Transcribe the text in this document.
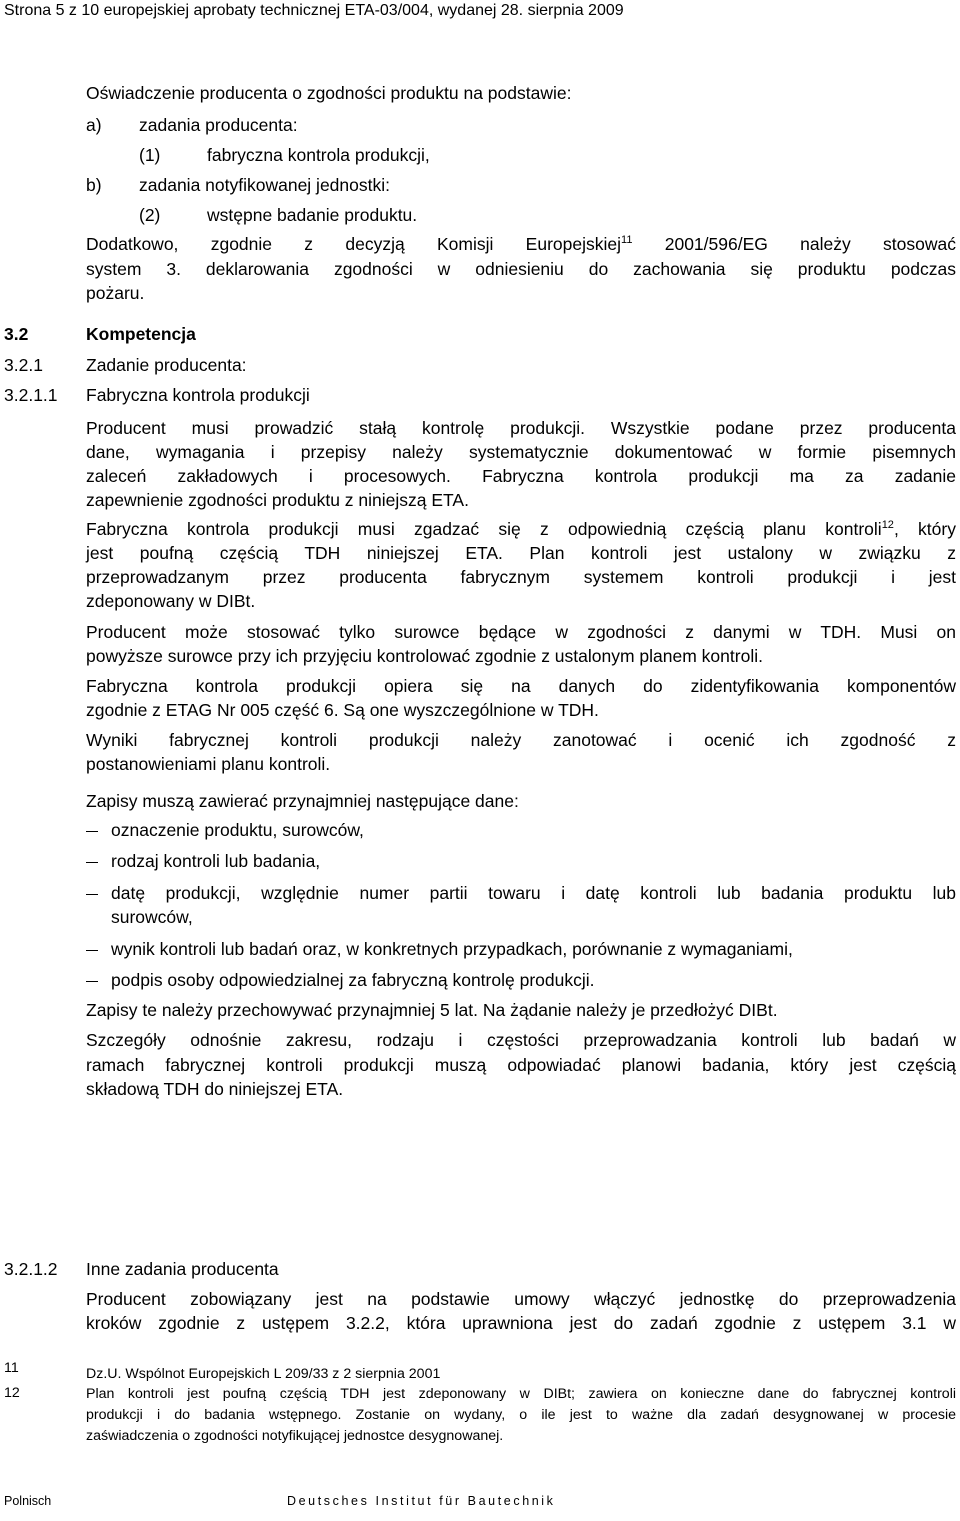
Strona 5 z 10 europejskiej aprobaty technicznej ETA-03/004, wydanej 28. sierpnia 2009
Oświadczenie producenta o zgodności produktu na podstawie:
a) zadania producenta:
(1)	fabryczna kontrola produkcji,
b) zadania notyfikowanej jednostki:
(2)	wstępne badanie produktu.
Dodatkowo, zgodnie z decyzją Komisji Europejskiej$^{11}$ 2001/596/EG należy stosować
system 3. deklarowania zgodności w odniesieniu do zachowania się produktu podczas
pożaru.
3.2	Kompetencja
3.2.1 Zadanie producenta:
3.2.1.1 Fabryczna kontrola produkcji
Producent musi prowadzić stałą kontrolę produkcji. Wszystkie podane przez producenta
dane, wymagania i przepisy należy systematycznie dokumentować w formie pisemnych
zaleceń zakładowych i procesowych. Fabryczna kontrola produkcji ma za zadanie
zapewnienie zgodności produktu z niniejszą ETA.
Fabryczna kontrola produkcji musi zgadzać się z odpowiednią częścią planu kontroli$^{12}$, który
jest poufną częścią TDH niniejszej ETA. Plan kontroli jest ustalony w związku z
przeprowadzanym przez producenta fabrycznym systemem kontroli produkcji i jest
zdeponowany w DIBt.
Producent może stosować tylko surowce będące w zgodności z danymi w TDH. Musi on
powyższe surowce przy ich przyjęciu kontrolować zgodnie z ustalonym planem kontroli.
Fabryczna kontrola produkcji opiera się na danych do zidentyfikowania komponentów
zgodnie z ETAG Nr 005 część 6. Są one wyszczególnione w TDH.
Wyniki fabrycznej kontroli produkcji należy zanotować i ocenić ich zgodność z
postanowieniami planu kontroli.
Zapisy muszą zawierać przynajmniej następujące dane:
oznaczenie produktu, surowców,
rodzaj kontroli lub badania,
datę produkcji, względnie numer partii towaru i datę kontroli lub badania produktu lub
surowców,
wynik kontroli lub badań oraz, w konkretnych przypadkach, porównanie z wymaganiami,
podpis osoby odpowiedzialnej za fabryczną kontrolę produkcji.
Zapisy te należy przechowywać przynajmniej 5 lat. Na żądanie należy je przedłożyć DIBt.
Szczegóły odnośnie zakresu, rodzaju i częstości przeprowadzania kontroli lub badań w
ramach fabrycznej kontroli produkcji muszą odpowiadać planowi badania, który jest częścią
składową TDH do niniejszej ETA.
3.2.1.2 Inne zadania producenta
Producent zobowiązany jest na podstawie umowy włączyć jednostkę do przeprowadzenia
kroków zgodnie z ustępem 3.2.2, która uprawniona jest do zadań zgodnie z ustępem 3.1 w
11	Dz.U. Wspólnot Europejskich L 209/33 z 2 sierpnia 2001
12	Plan kontroli jest poufną częścią TDH jest zdeponowany w DIBt; zawiera on konieczne dane do fabrycznej kontroli
produkcji i do badania wstępnego. Zostanie on wydany, o ile jest to ważne dla zadań desygnowanej w procesie
zaświadczenia o zgodności notyfikującej jednostce desygnowanej.
Polnisch	Deutsches Institut für Bautechnik
